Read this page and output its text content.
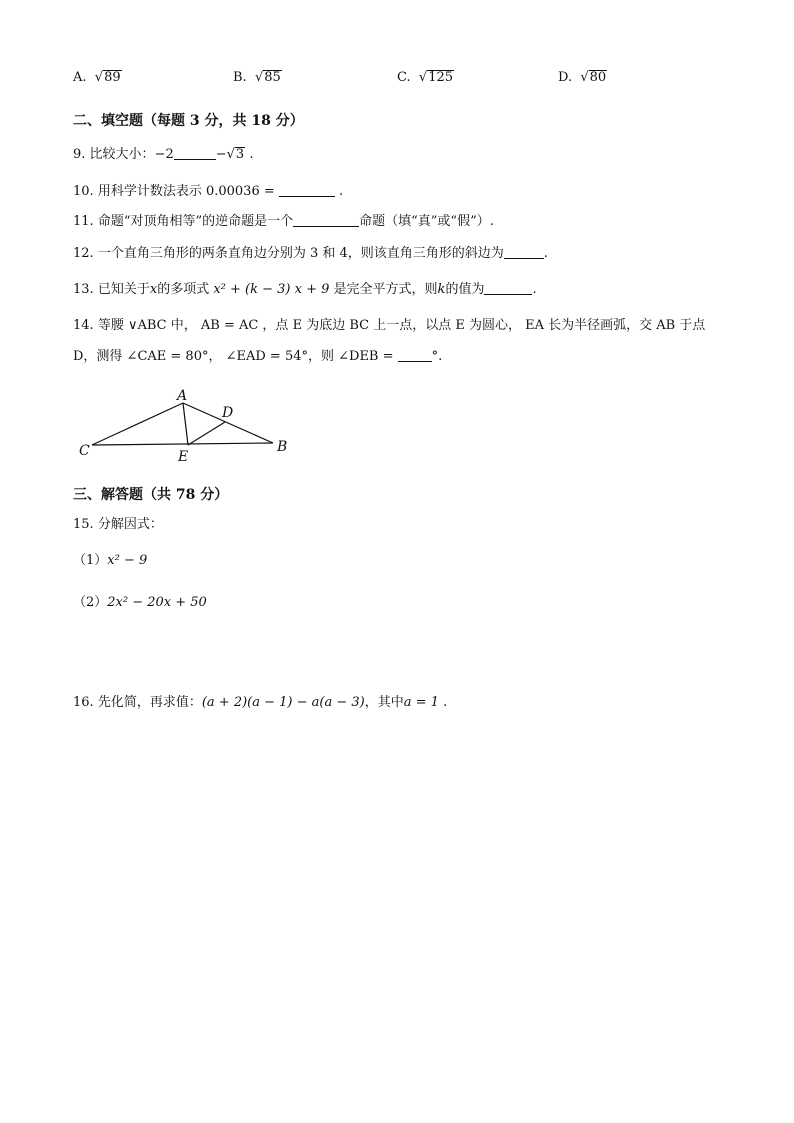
A.  √89	B.  √85	C.  √125	D.  √80
二、填空题（每题 3 分，共 18 分）
9. 比较大小：−2	−√3 .
10. 用科学计数法表示 0.00036 =	.
11. 命题“对顶角相等”的逆命题是一个	命题（填“真”或“假”）.
12. 一个直角三角形的两条直角边分别为 3 和 4，则该直角三角形的斜边为	.
13. 已知关于x的多项式 x² + (k − 3) x + 9 是完全平方式，则k的值为	.
14. 等腰 ∨ABC 中， AB = AC ，点 E 为底边 BC 上一点，以点 E 为圆心， EA 长为半径画弧，交 AB 于点
D，测得 ∠CAE = 80°， ∠EAD = 54°，则 ∠DEB =	°.
A
D
C	E
B
三、解答题（共 78 分）
15. 分解因式：
（1）x² − 9
（2）2x² − 20x + 50
16. 先化简，再求值：(a + 2)(a − 1) − a(a − 3)，其中a = 1 .
